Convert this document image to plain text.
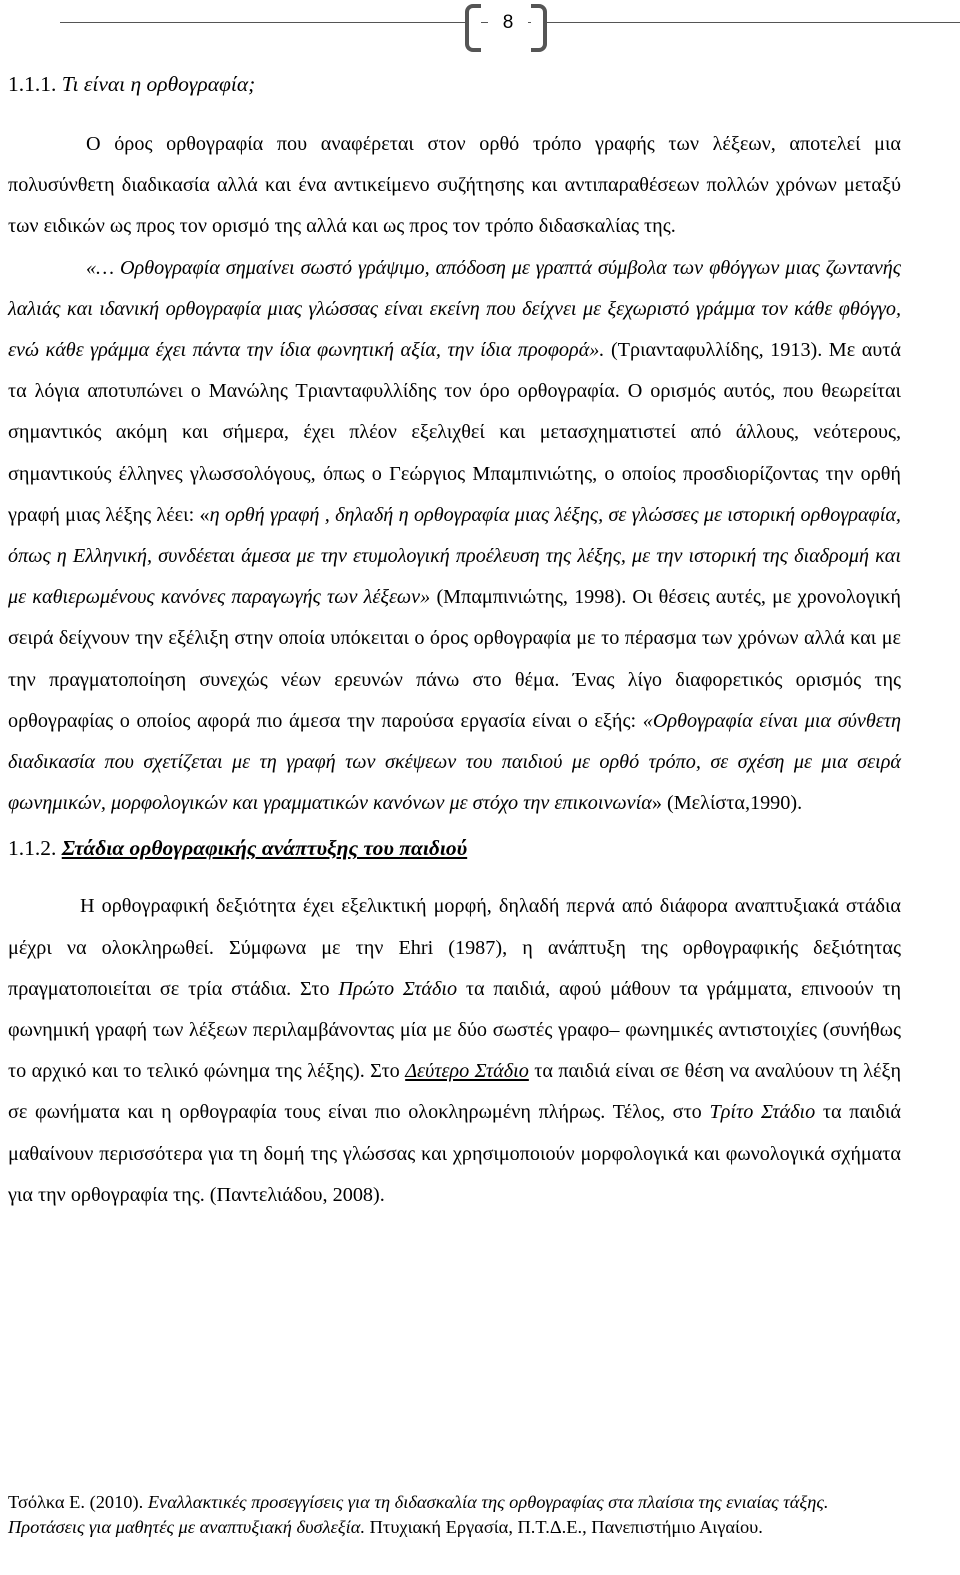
8
1.1.1. Τι είναι η ορθογραφία;

Ο όρος ορθογραφία που αναφέρεται στον ορθό τρόπο γραφής των λέξεων, αποτελεί μια πολυσύνθετη διαδικασία αλλά και ένα αντικείμενο συζήτησης και αντιπαραθέσεων πολλών χρόνων μεταξύ των ειδικών ως προς τον ορισμό της αλλά και ως προς τον τρόπο διδασκαλίας της.

«… Ορθογραφία σημαίνει σωστό γράψιμο, απόδοση με γραπτά σύμβολα των φθόγγων μιας ζωντανής λαλιάς και ιδανική ορθογραφία μιας γλώσσας είναι εκείνη που δείχνει με ξεχωριστό γράμμα τον κάθε φθόγγο, ενώ κάθε γράμμα έχει πάντα την ίδια φωνητική αξία, την ίδια προφορά». (Τριανταφυλλίδης, 1913). Με αυτά τα λόγια αποτυπώνει ο Μανώλης Τριανταφυλλίδης τον όρο ορθογραφία. Ο ορισμός αυτός, που θεωρείται σημαντικός ακόμη και σήμερα, έχει πλέον εξελιχθεί και μετασχηματιστεί από άλλους, νεότερους, σημαντικούς έλληνες γλωσσολόγους, όπως ο Γεώργιος Μπαμπινιώτης, ο οποίος προσδιορίζοντας την ορθή γραφή μιας λέξης λέει: «η ορθή γραφή , δηλαδή η ορθογραφία μιας λέξης, σε γλώσσες με ιστορική ορθογραφία, όπως η Ελληνική, συνδέεται άμεσα με την ετυμολογική προέλευση της λέξης, με την ιστορική της διαδρομή και με καθιερωμένους κανόνες παραγωγής των λέξεων» (Μπαμπινιώτης, 1998). Οι θέσεις αυτές, με χρονολογική σειρά δείχνουν την εξέλιξη στην οποία υπόκειται ο όρος ορθογραφία με το πέρασμα των χρόνων αλλά και με την πραγματοποίηση συνεχώς νέων ερευνών πάνω στο θέμα. Ένας λίγο διαφορετικός ορισμός της ορθογραφίας ο οποίος αφορά πιο άμεσα την παρούσα εργασία είναι ο εξής: «Ορθογραφία είναι μια σύνθετη διαδικασία που σχετίζεται με τη γραφή των σκέψεων του παιδιού με ορθό τρόπο, σε σχέση με μια σειρά φωνημικών, μορφολογικών και γραμματικών κανόνων με στόχο την επικοινωνία» (Μελίστα,1990).

1.1.2. Στάδια ορθογραφικής ανάπτυξης του παιδιού

Η ορθογραφική δεξιότητα έχει εξελικτική μορφή, δηλαδή περνά από διάφορα αναπτυξιακά στάδια μέχρι να ολοκληρωθεί. Σύμφωνα με την Ehri (1987), η ανάπτυξη της ορθογραφικής δεξιότητας πραγματοποιείται σε τρία στάδια. Στο Πρώτο Στάδιο τα παιδιά, αφού μάθουν τα γράμματα, επινοούν τη φωνημική γραφή των λέξεων περιλαμβάνοντας μία με δύο σωστές γραφο– φωνημικές αντιστοιχίες (συνήθως το αρχικό και το τελικό φώνημα της λέξης). Στο Δεύτερο Στάδιο τα παιδιά είναι σε θέση να αναλύουν τη λέξη σε φωνήματα και η ορθογραφία τους είναι πιο ολοκληρωμένη πλήρως. Τέλος, στο Τρίτο Στάδιο τα παιδιά μαθαίνουν περισσότερα για τη δομή της γλώσσας και χρησιμοποιούν μορφολογικά και φωνολογικά σχήματα για την ορθογραφία της. (Παντελιάδου, 2008).

Τσόλκα Ε. (2010). Εναλλακτικές προσεγγίσεις για τη διδασκαλία της ορθογραφίας στα πλαίσια της ενιαίας τάξης. Προτάσεις για μαθητές με αναπτυξιακή δυσλεξία. Πτυχιακή Εργασία, Π.Τ.Δ.Ε., Πανεπιστήμιο Αιγαίου.
